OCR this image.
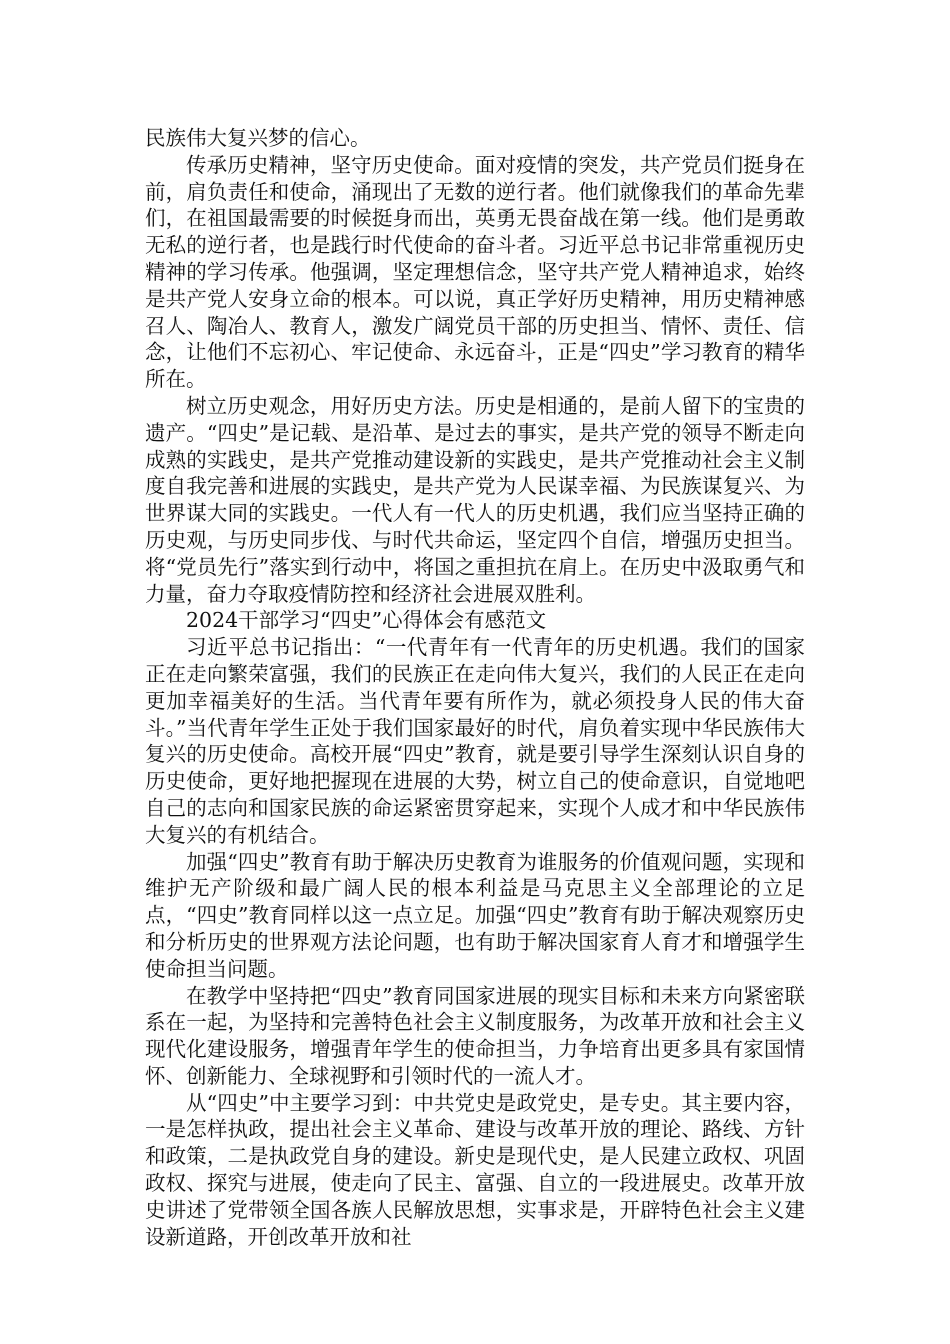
民族伟大复兴梦的信心。

传承历史精神，坚守历史使命。面对疫情的突发，共产党员们挺身在前，肩负责任和使命，涌现出了无数的逆行者。他们就像我们的革命先辈们，在祖国最需要的时候挺身而出，英勇无畏奋战在第一线。他们是勇敢无私的逆行者，也是践行时代使命的奋斗者。习近平总书记非常重视历史精神的学习传承。他强调，坚定理想信念，坚守共产党人精神追求，始终是共产党人安身立命的根本。可以说，真正学好历史精神，用历史精神感召人、陶冶人、教育人，激发广阔党员干部的历史担当、情怀、责任、信念，让他们不忘初心、牢记使命、永远奋斗，正是“四史”学习教育的精华所在。

树立历史观念，用好历史方法。历史是相通的，是前人留下的宝贵的遗产。“四史”是记载、是沿革、是过去的事实，是共产党的领导不断走向成熟的实践史，是共产党推动建设新的实践史，是共产党推动社会主义制度自我完善和进展的实践史，是共产党为人民谋幸福、为民族谋复兴、为世界谋大同的实践史。一代人有一代人的历史机遇，我们应当坚持正确的历史观，与历史同步伐、与时代共命运，坚定四个自信，增强历史担当。将“党员先行”落实到行动中，将国之重担抗在肩上。在历史中汲取勇气和力量，奋力夺取疫情防控和经济社会进展双胜利。

2024干部学习“四史”心得体会有感范文

习近平总书记指出：“一代青年有一代青年的历史机遇。我们的国家正在走向繁荣富强，我们的民族正在走向伟大复兴，我们的人民正在走向更加幸福美好的生活。当代青年要有所作为，就必须投身人民的伟大奋斗。”当代青年学生正处于我们国家最好的时代，肩负着实现中华民族伟大复兴的历史使命。高校开展“四史”教育，就是要引导学生深刻认识自身的历史使命，更好地把握现在进展的大势，树立自己的使命意识，自觉地吧自己的志向和国家民族的命运紧密贯穿起来，实现个人成才和中华民族伟大复兴的有机结合。

加强“四史”教育有助于解决历史教育为谁服务的价值观问题，实现和维护无产阶级和最广阔人民的根本利益是马克思主义全部理论的立足点，“四史”教育同样以这一点立足。加强“四史”教育有助于解决观察历史和分析历史的世界观方法论问题，也有助于解决国家育人育才和增强学生使命担当问题。

在教学中坚持把“四史”教育同国家进展的现实目标和未来方向紧密联系在一起，为坚持和完善特色社会主义制度服务，为改革开放和社会主义现代化建设服务，增强青年学生的使命担当，力争培育出更多具有家国情怀、创新能力、全球视野和引领时代的一流人才。

从“四史”中主要学习到：中共党史是政党史，是专史。其主要内容，一是怎样执政，提出社会主义革命、建设与改革开放的理论、路线、方针和政策，二是执政党自身的建设。新史是现代史，是人民建立政权、巩固政权、探究与进展，使走向了民主、富强、自立的一段进展史。改革开放史讲述了党带领全国各族人民解放思想，实事求是，开辟特色社会主义建设新道路，开创改革开放和社
